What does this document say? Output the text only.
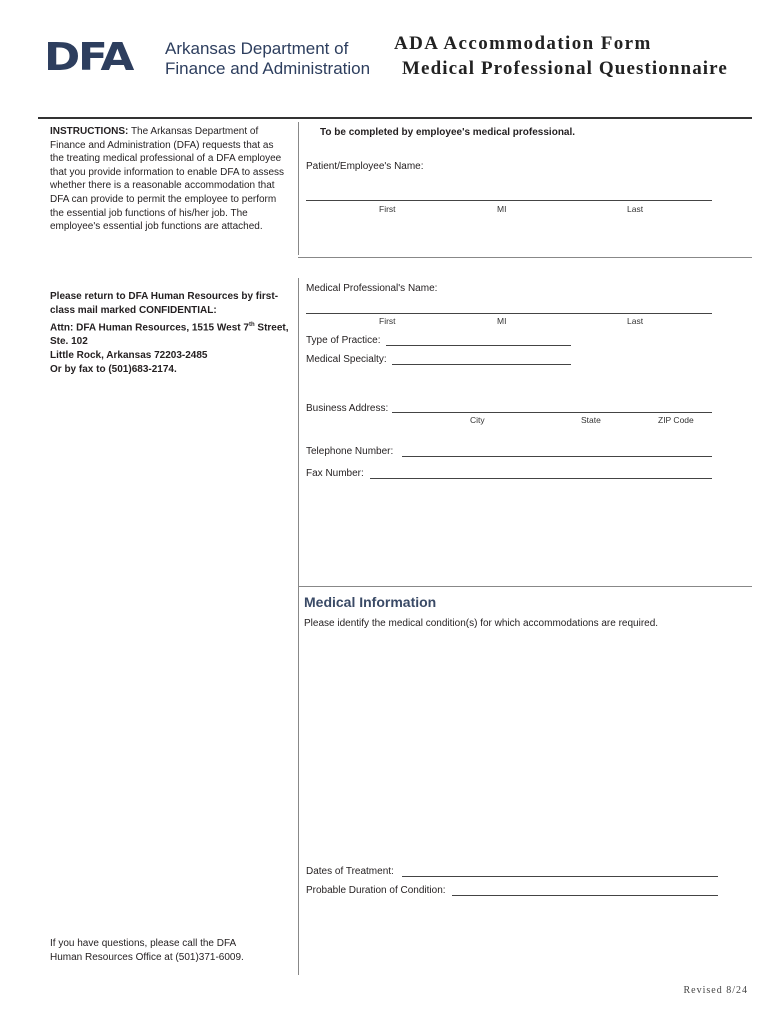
DFA Arkansas Department of
Finance and Administration
ADA Accommodation Form
Medical Professional Questionnaire
INSTRUCTIONS: The Arkansas Department of Finance and Administration (DFA) requests that as the treating medical professional of a DFA employee that you provide information to enable DFA to assess whether there is a reasonable accommodation that DFA can provide to permit the employee to perform the essential job functions of his/her job. The employee's essential job functions are attached.
Please return to DFA Human Resources by first-class mail marked CONFIDENTIAL:
Attn: DFA Human Resources, 1515 West 7th Street, Ste. 102
Little Rock, Arkansas 72203-2485
Or by fax to (501)683-2174.
If you have questions, please call the DFA Human Resources Office at (501)371-6009.
To be completed by employee's medical professional.
Patient/Employee's Name:
First	MI	Last
Medical Professional's Name:
First	MI	Last
Type of Practice:
Medical Specialty:
Business Address:
City	State	ZIP Code
Telephone Number:
Fax Number:
Medical Information
Please identify the medical condition(s) for which accommodations are required.
Dates of Treatment:
Probable Duration of Condition:
Revised 8/24
